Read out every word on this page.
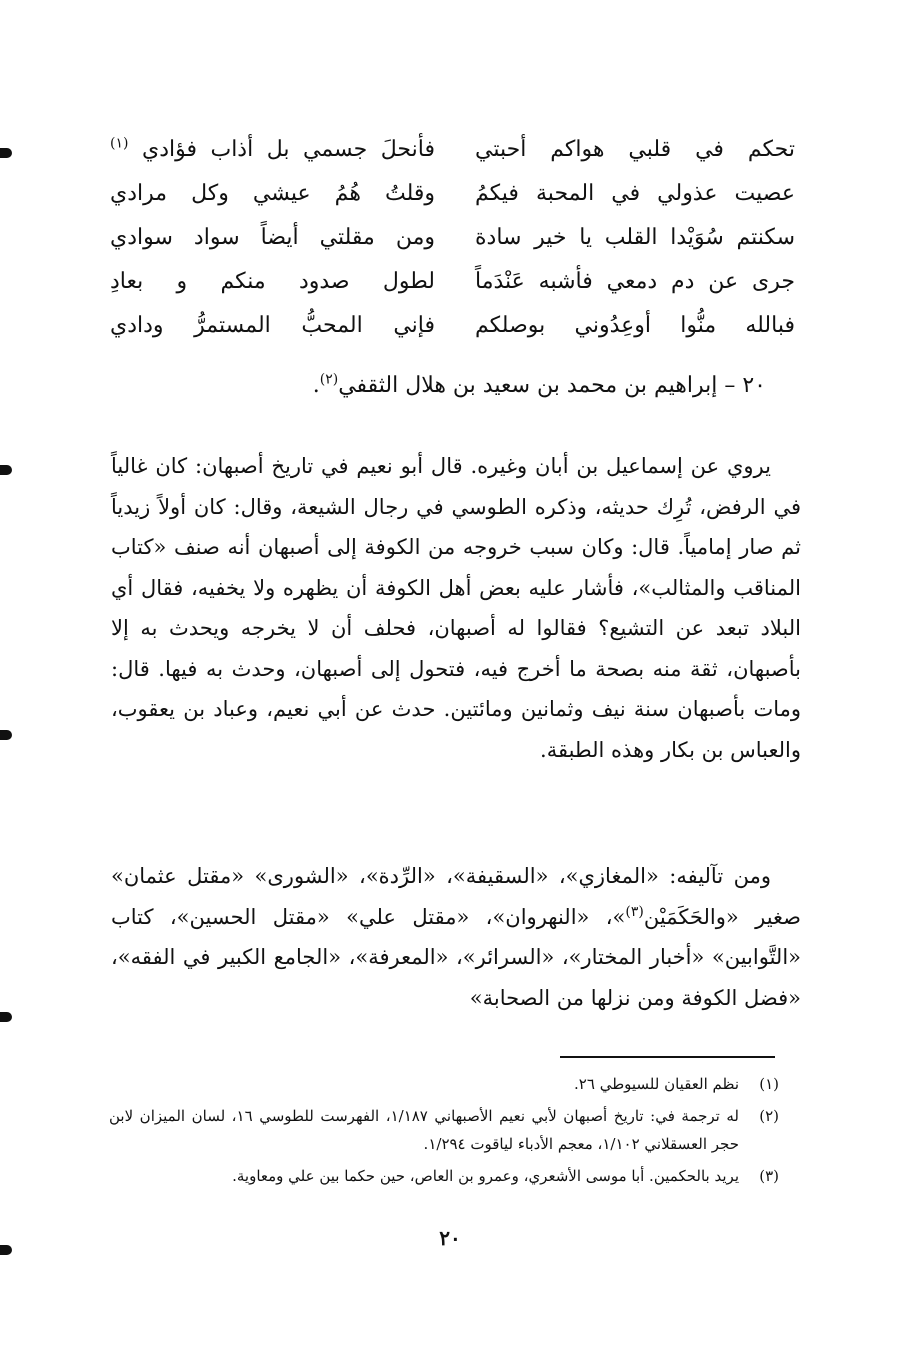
تحكم في قلبي هواكم أحبتي
عصيت عذولي في المحبة فيكمُ
سكنتم سُوَيْدا القلب يا خير سادة
جرى عن دم دمعي فأشبه عَنْدَماً
فبالله منُّوا أوعِدُوني بوصلكم
فأنحلَ جسمي بل أذاب فؤادي $^{(١)}$
وقلتُ هُمُ عيشي وكل مرادي
ومن مقلتي أيضاً سواد سوادي
لطول صدود منكم و بعادِ
فإني المحبُّ المستمرُّ ودادي
٢٠ – إبراهيم بن محمد بن سعيد بن هلال الثقفي$^{(٢)}$.

يروي عن إسماعيل بن أبان وغيره. قال أبو نعيم في تاريخ أصبهان: كان غالياً في الرفض، تُرِك حديثه، وذكره الطوسي في رجال الشيعة، وقال: كان أولاً زيدياً ثم صار إمامياً. قال: وكان سبب خروجه من الكوفة إلى أصبهان أنه صنف «كتاب المناقب والمثالب»، فأشار عليه بعض أهل الكوفة أن يظهره ولا يخفيه، فقال أي البلاد تبعد عن التشيع؟ فقالوا له أصبهان، فحلف أن لا يخرجه ويحدث به إلا بأصبهان، ثقة منه بصحة ما أخرج فيه، فتحول إلى أصبهان، وحدث به فيها. قال: ومات بأصبهان سنة نيف وثمانين ومائتين. حدث عن أبي نعيم، وعباد بن يعقوب، والعباس بن بكار وهذه الطبقة.

ومن تآليفه: «المغازي»، «السقيفة»، «الرِّدة»، «الشورى» «مقتل عثمان» صغير «والحَكَمَيْن$^{(٣)}$»، «النهروان»، «مقتل علي» «مقتل الحسين»، كتاب «التَّوابين» «أخبار المختار»، «السرائر»، «المعرفة»، «الجامع الكبير في الفقه»، «فضل الكوفة ومن نزلها من الصحابة»

(١)
نظم العقيان للسيوطي ٢٦.
(٢)
له ترجمة في: تاريخ أصبهان لأبي نعيم الأصبهاني ١/١٨٧، الفهرست للطوسي ١٦، لسان الميزان لابن حجر العسقلاني ١/١٠٢، معجم الأدباء لياقوت ١/٢٩٤.
(٣)
يريد بالحكمين. أبا موسى الأشعري، وعمرو بن العاص، حين حكما بين علي ومعاوية.
٢٠
